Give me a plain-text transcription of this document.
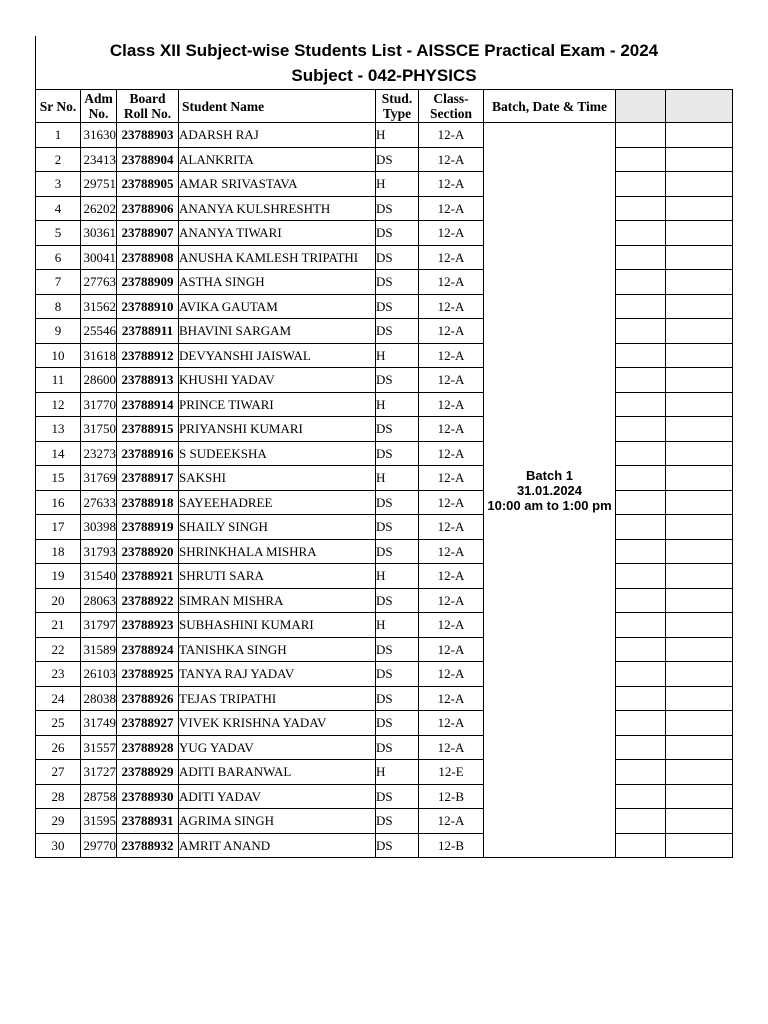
Class XII Subject-wise Students List - AISSCE Practical Exam - 2024
Subject - 042-PHYSICS
Sr No.	Adm No.	Board Roll No.	Student Name	Stud. Type	Class-Section	Batch, Date & Time		
1	31630	23788903	ADARSH RAJ	H	12-A	Batch 1
31.01.2024
10:00 am to 1:00 pm		

2	23413	23788904	ALANKRITA	DS	12-A			
3	29751	23788905	AMAR SRIVASTAVA	H	12-A			
4	26202	23788906	ANANYA KULSHRESHTH	DS	12-A			
5	30361	23788907	ANANYA TIWARI	DS	12-A			
6	30041	23788908	ANUSHA KAMLESH TRIPATHI	DS	12-A			
7	27763	23788909	ASTHA SINGH	DS	12-A			
8	31562	23788910	AVIKA GAUTAM	DS	12-A			
9	25546	23788911	BHAVINI SARGAM	DS	12-A			
10	31618	23788912	DEVYANSHI JAISWAL	H	12-A			
11	28600	23788913	KHUSHI YADAV	DS	12-A			
12	31770	23788914	PRINCE TIWARI	H	12-A			
13	31750	23788915	PRIYANSHI KUMARI	DS	12-A			
14	23273	23788916	S SUDEEKSHA	DS	12-A			
15	31769	23788917	SAKSHI	H	12-A			
16	27633	23788918	SAYEEHADREE	DS	12-A			
17	30398	23788919	SHAILY SINGH	DS	12-A			
18	31793	23788920	SHRINKHALA MISHRA	DS	12-A			
19	31540	23788921	SHRUTI SARA	H	12-A			
20	28063	23788922	SIMRAN MISHRA	DS	12-A			
21	31797	23788923	SUBHASHINI KUMARI	H	12-A			
22	31589	23788924	TANISHKA SINGH	DS	12-A			
23	26103	23788925	TANYA RAJ YADAV	DS	12-A			
24	28038	23788926	TEJAS TRIPATHI	DS	12-A			
25	31749	23788927	VIVEK KRISHNA YADAV	DS	12-A			
26	31557	23788928	YUG YADAV	DS	12-A			
27	31727	23788929	ADITI BARANWAL	H	12-E			
28	28758	23788930	ADITI YADAV	DS	12-B			
29	31595	23788931	AGRIMA SINGH	DS	12-A			
30	29770	23788932	AMRIT ANAND	DS	12-B			
